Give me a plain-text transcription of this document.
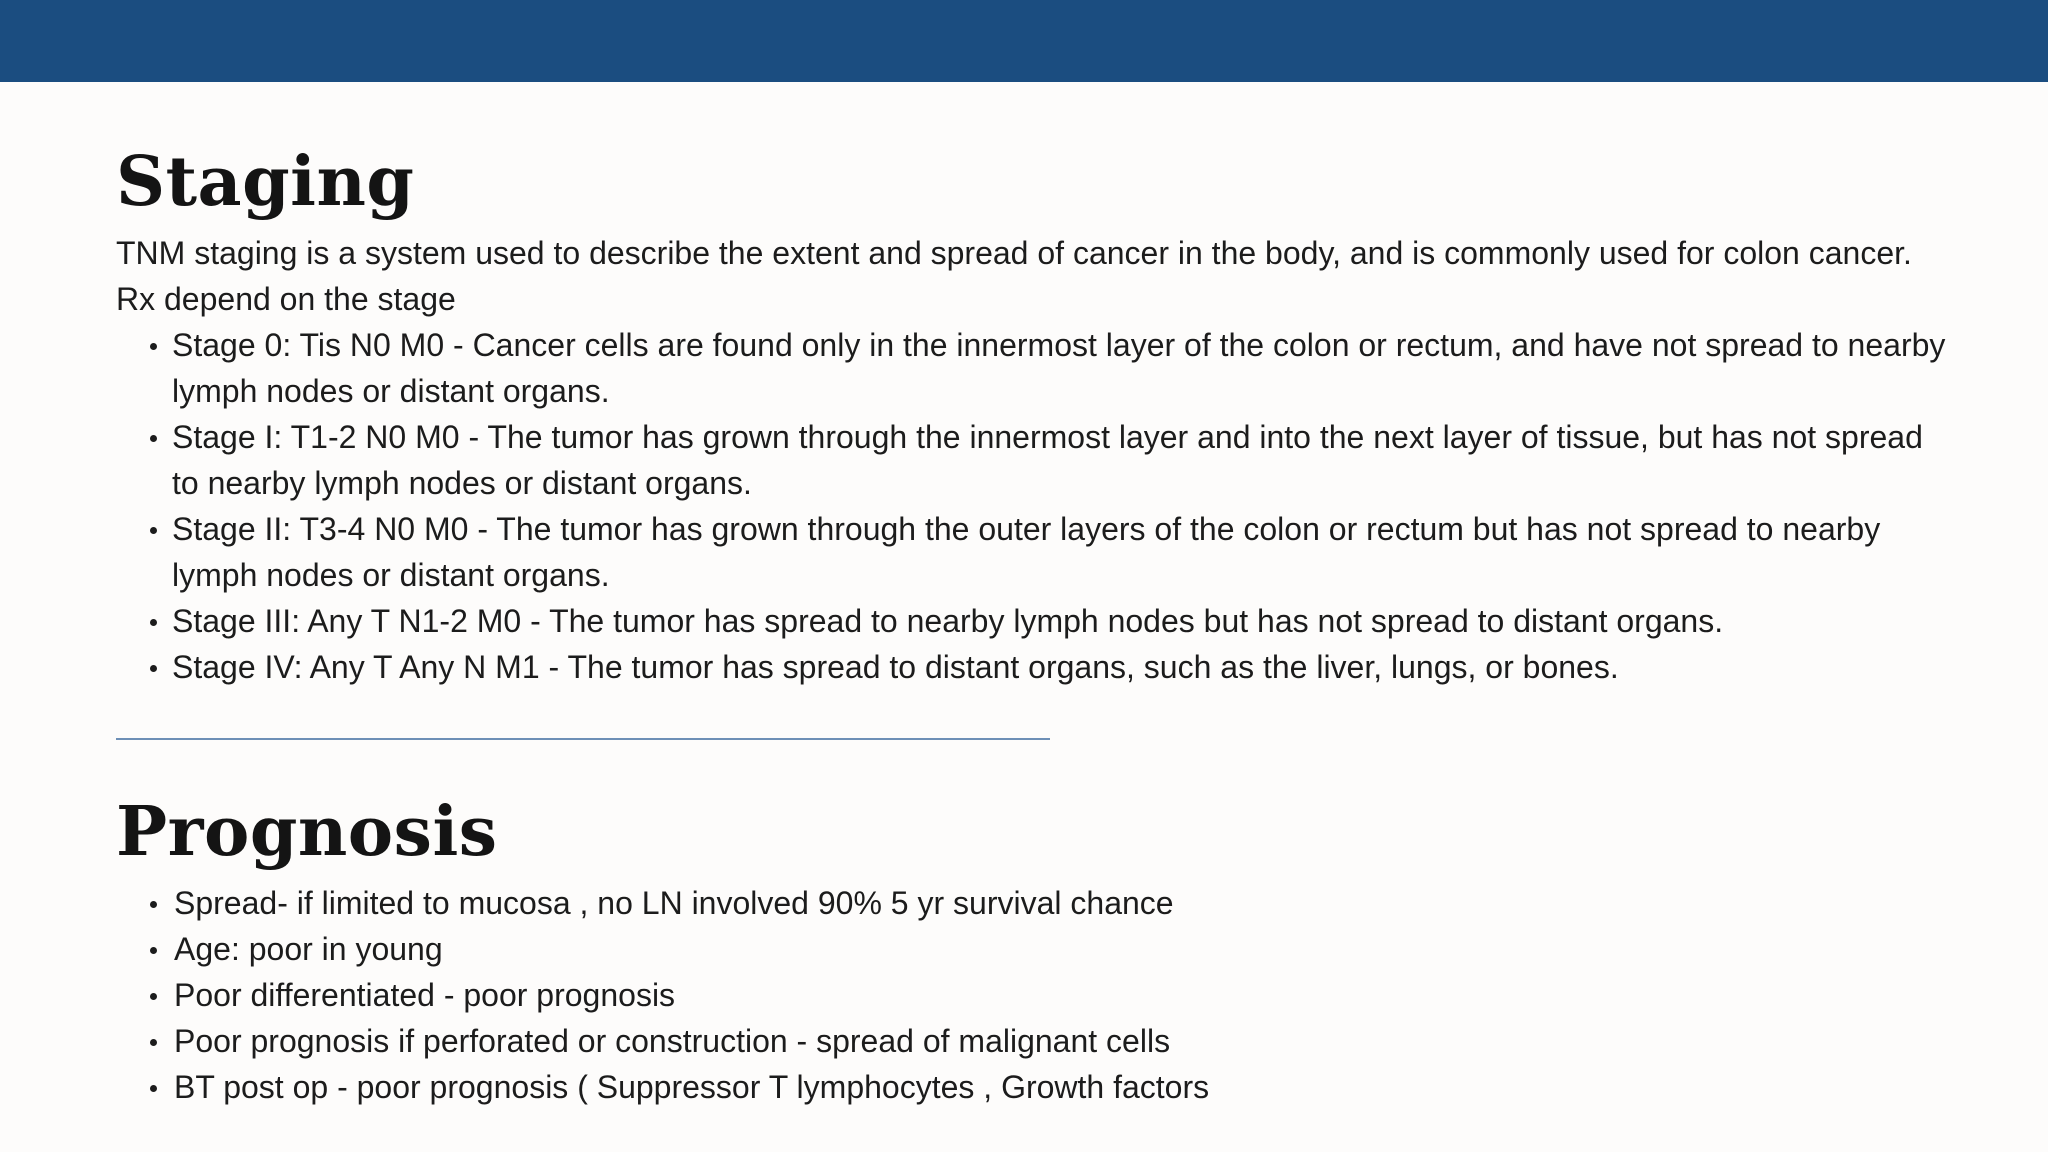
Staging

TNM staging is a system used to describe the extent and spread of cancer in the body, and is commonly used for colon cancer. Rx depend on the stage

Stage 0: Tis N0 M0 - Cancer cells are found only in the innermost layer of the colon or rectum, and have not spread to nearby lymph nodes or distant organs.
Stage I: T1-2 N0 M0 - The tumor has grown through the innermost layer and into the next layer of tissue, but has not spread to nearby lymph nodes or distant organs.
Stage II: T3-4 N0 M0 - The tumor has grown through the outer layers of the colon or rectum but has not spread to nearby lymph nodes or distant organs.
Stage III: Any T N1-2 M0 - The tumor has spread to nearby lymph nodes but has not spread to distant organs.
Stage IV: Any T Any N M1 - The tumor has spread to distant organs, such as the liver, lungs, or bones.
Prognosis
Spread- if limited to mucosa , no LN involved 90% 5 yr survival chance
Age: poor in young
Poor differentiated - poor prognosis
Poor prognosis if perforated or construction - spread of malignant cells
BT post op - poor prognosis ( Suppressor T lymphocytes , Growth factors
